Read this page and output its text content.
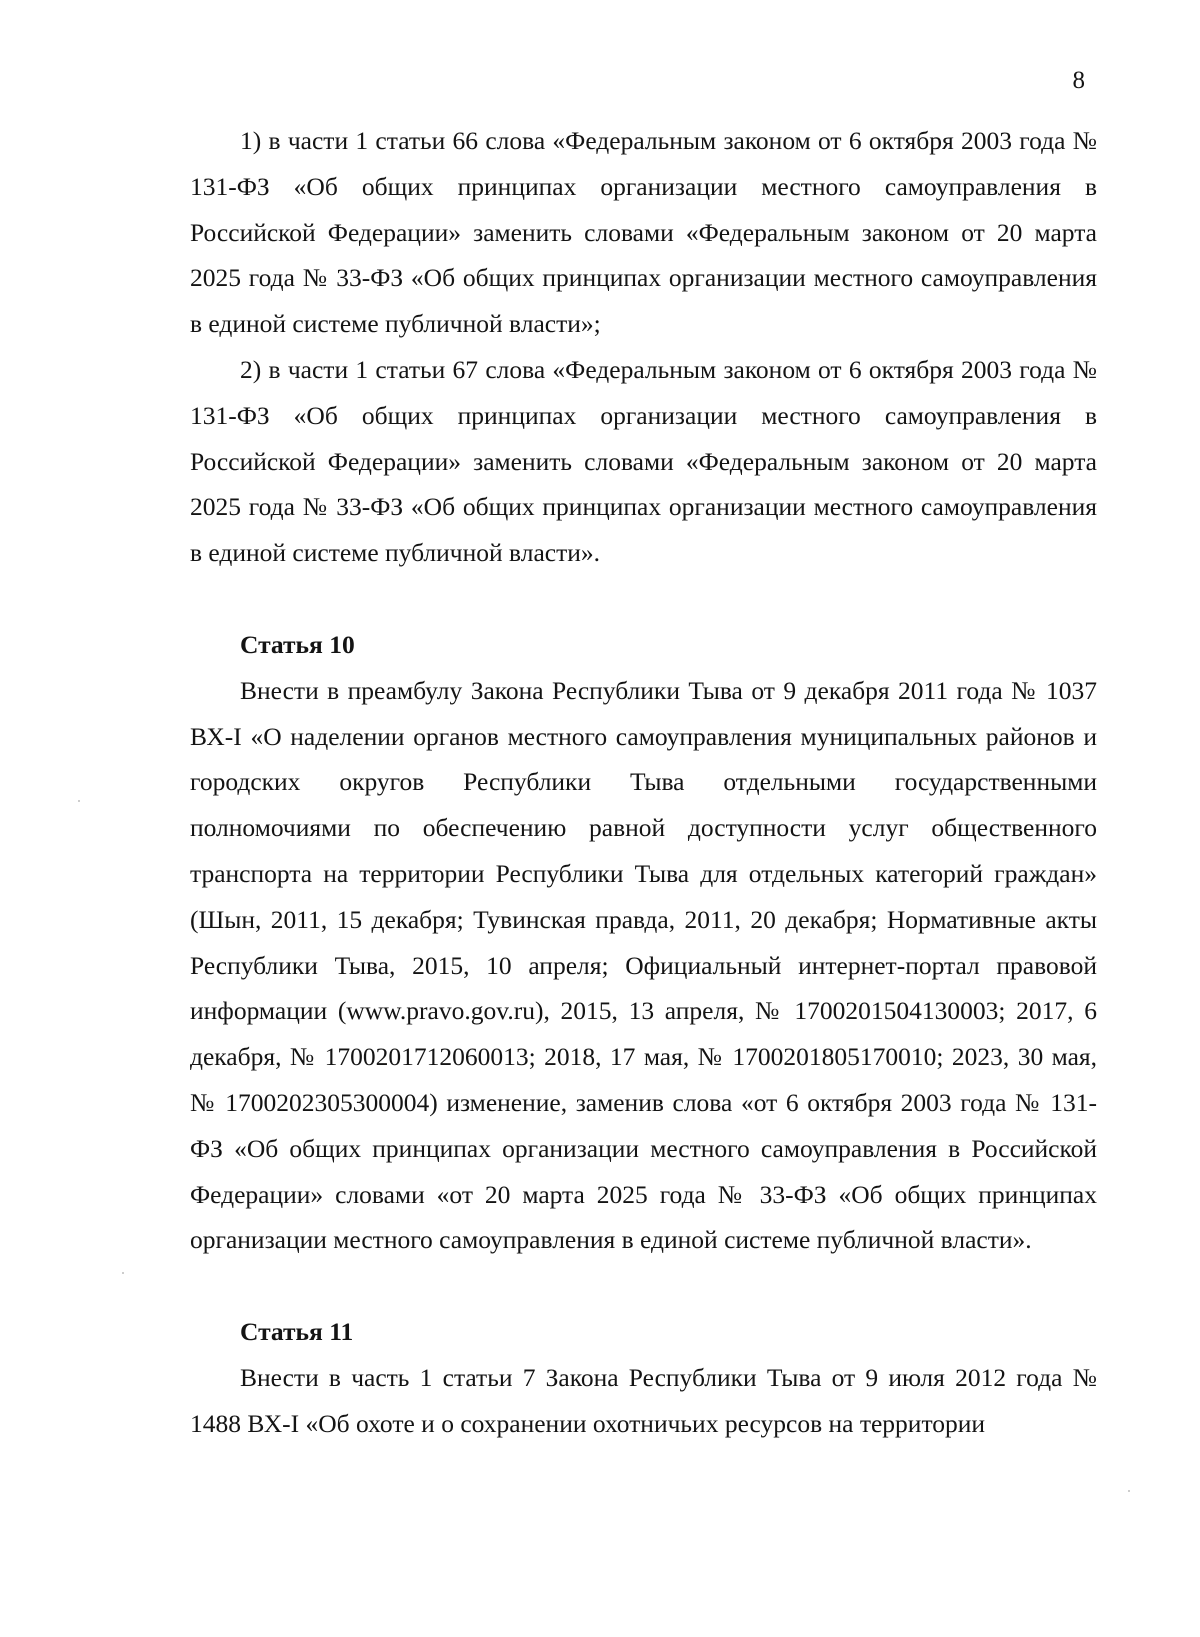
8

1) в части 1 статьи 66 слова «Федеральным законом от 6 октября 2003 года № 131-ФЗ «Об общих принципах организации местного самоуправления в Российской Федерации» заменить словами «Федеральным законом от 20 марта 2025 года № 33-ФЗ «Об общих принципах организации местного самоуправления в единой системе публичной власти»;

2) в части 1 статьи 67 слова «Федеральным законом от 6 октября 2003 года № 131-ФЗ «Об общих принципах организации местного самоуправления в Российской Федерации» заменить словами «Федеральным законом от 20 марта 2025 года № 33-ФЗ «Об общих принципах организации местного самоуправления в единой системе публичной власти».

Статья 10

Внести в преамбулу Закона Республики Тыва от 9 декабря 2011 года № 1037 ВХ-I «О наделении органов местного самоуправления муниципальных районов и городских округов Республики Тыва отдельными государственными полномочиями по обеспечению равной доступности услуг общественного транспорта на территории Республики Тыва для отдельных категорий граждан» (Шын, 2011, 15 декабря; Тувинская правда, 2011, 20 декабря; Нормативные акты Республики Тыва, 2015, 10 апреля; Официальный интернет-портал правовой информации (www.pravo.gov.ru), 2015, 13 апреля, № 1700201504130003; 2017, 6 декабря, № 1700201712060013; 2018, 17 мая, № 1700201805170010; 2023, 30 мая, № 1700202305300004) изменение, заменив слова «от 6 октября 2003 года № 131-ФЗ «Об общих принципах организации местного самоуправления в Российской Федерации» словами «от 20 марта 2025 года № 33-ФЗ «Об общих принципах организации местного самоуправления в единой системе публичной власти».

Статья 11

Внести в часть 1 статьи 7 Закона Республики Тыва от 9 июля 2012 года № 1488 ВХ-I «Об охоте и о сохранении охотничьих ресурсов на территории
